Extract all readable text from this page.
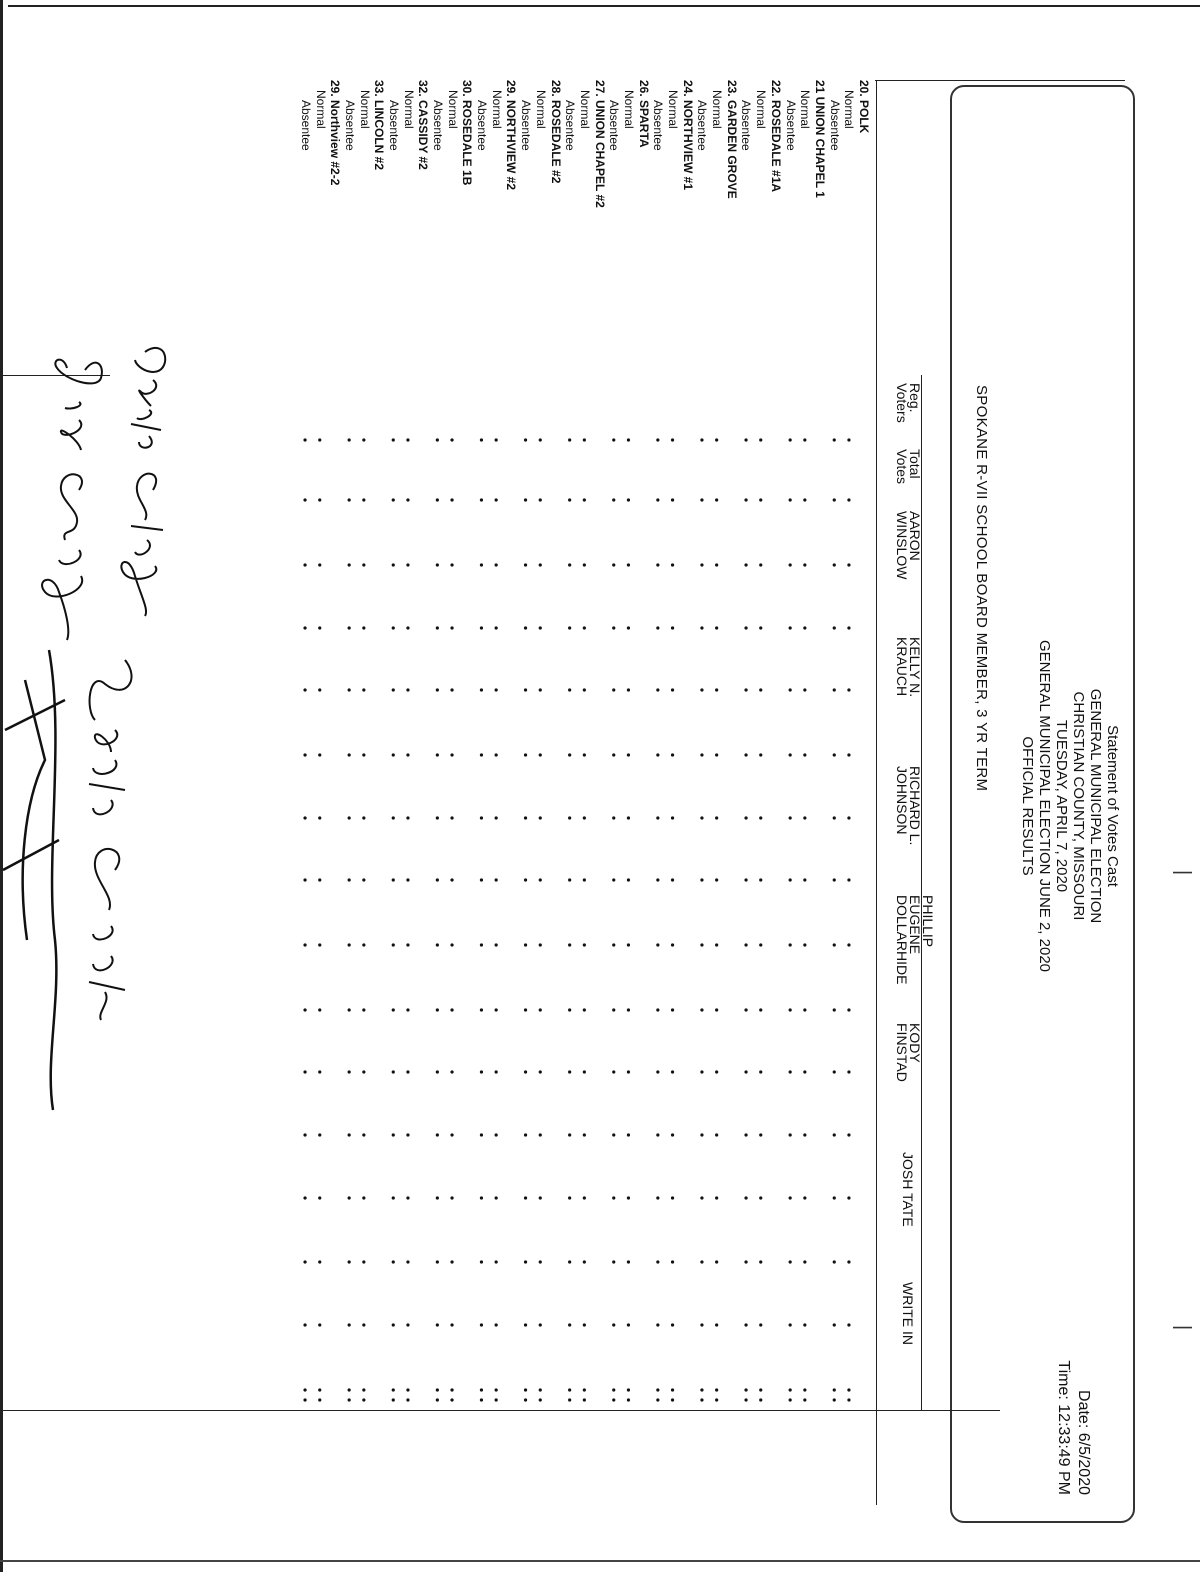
Statement of Votes Cast
GENERAL MUNICIPAL ELECTION
CHRISTIAN COUNTY, MISSOURI
TUESDAY, APRIL 7, 2020
GENERAL MUNICIPAL ELECTION JUNE 2, 2020
OFFICIAL RESULTS
Date: 6/5/2020
Time: 12:33:49 PM
SPOKANE R-VII SCHOOL BOARD MEMBER, 3 YR TERM
Reg.
Voters
Total
Votes
AARON
WINSLOW
KELLY N.
KRAUCH
RICHARD L.
JOHNSON
PHILLIP
EUGENE
DOLLARHIDE
KODY
FINSTAD
JOSH TATE
WRITE IN
20. POLK
Normal
Absentee
21 UNION CHAPEL 1
Normal
Absentee
22. ROSEDALE #1A
Normal
Absentee
23. GARDEN GROVE
Normal
Absentee
24. NORTHVIEW #1
Normal
Absentee
26. SPARTA
Normal
Absentee
27. UNION CHAPEL #2
Normal
Absentee
28. ROSEDALE #2
Normal
Absentee
29. NORTHVIEW #2
Normal
Absentee
30. ROSEDALE 1B
Normal
Absentee
32. CASSIDY #2
Normal
Absentee
33. LINCOLN #2
Normal
Absentee
29. Northview #2-2
Normal
Absentee
|
|
